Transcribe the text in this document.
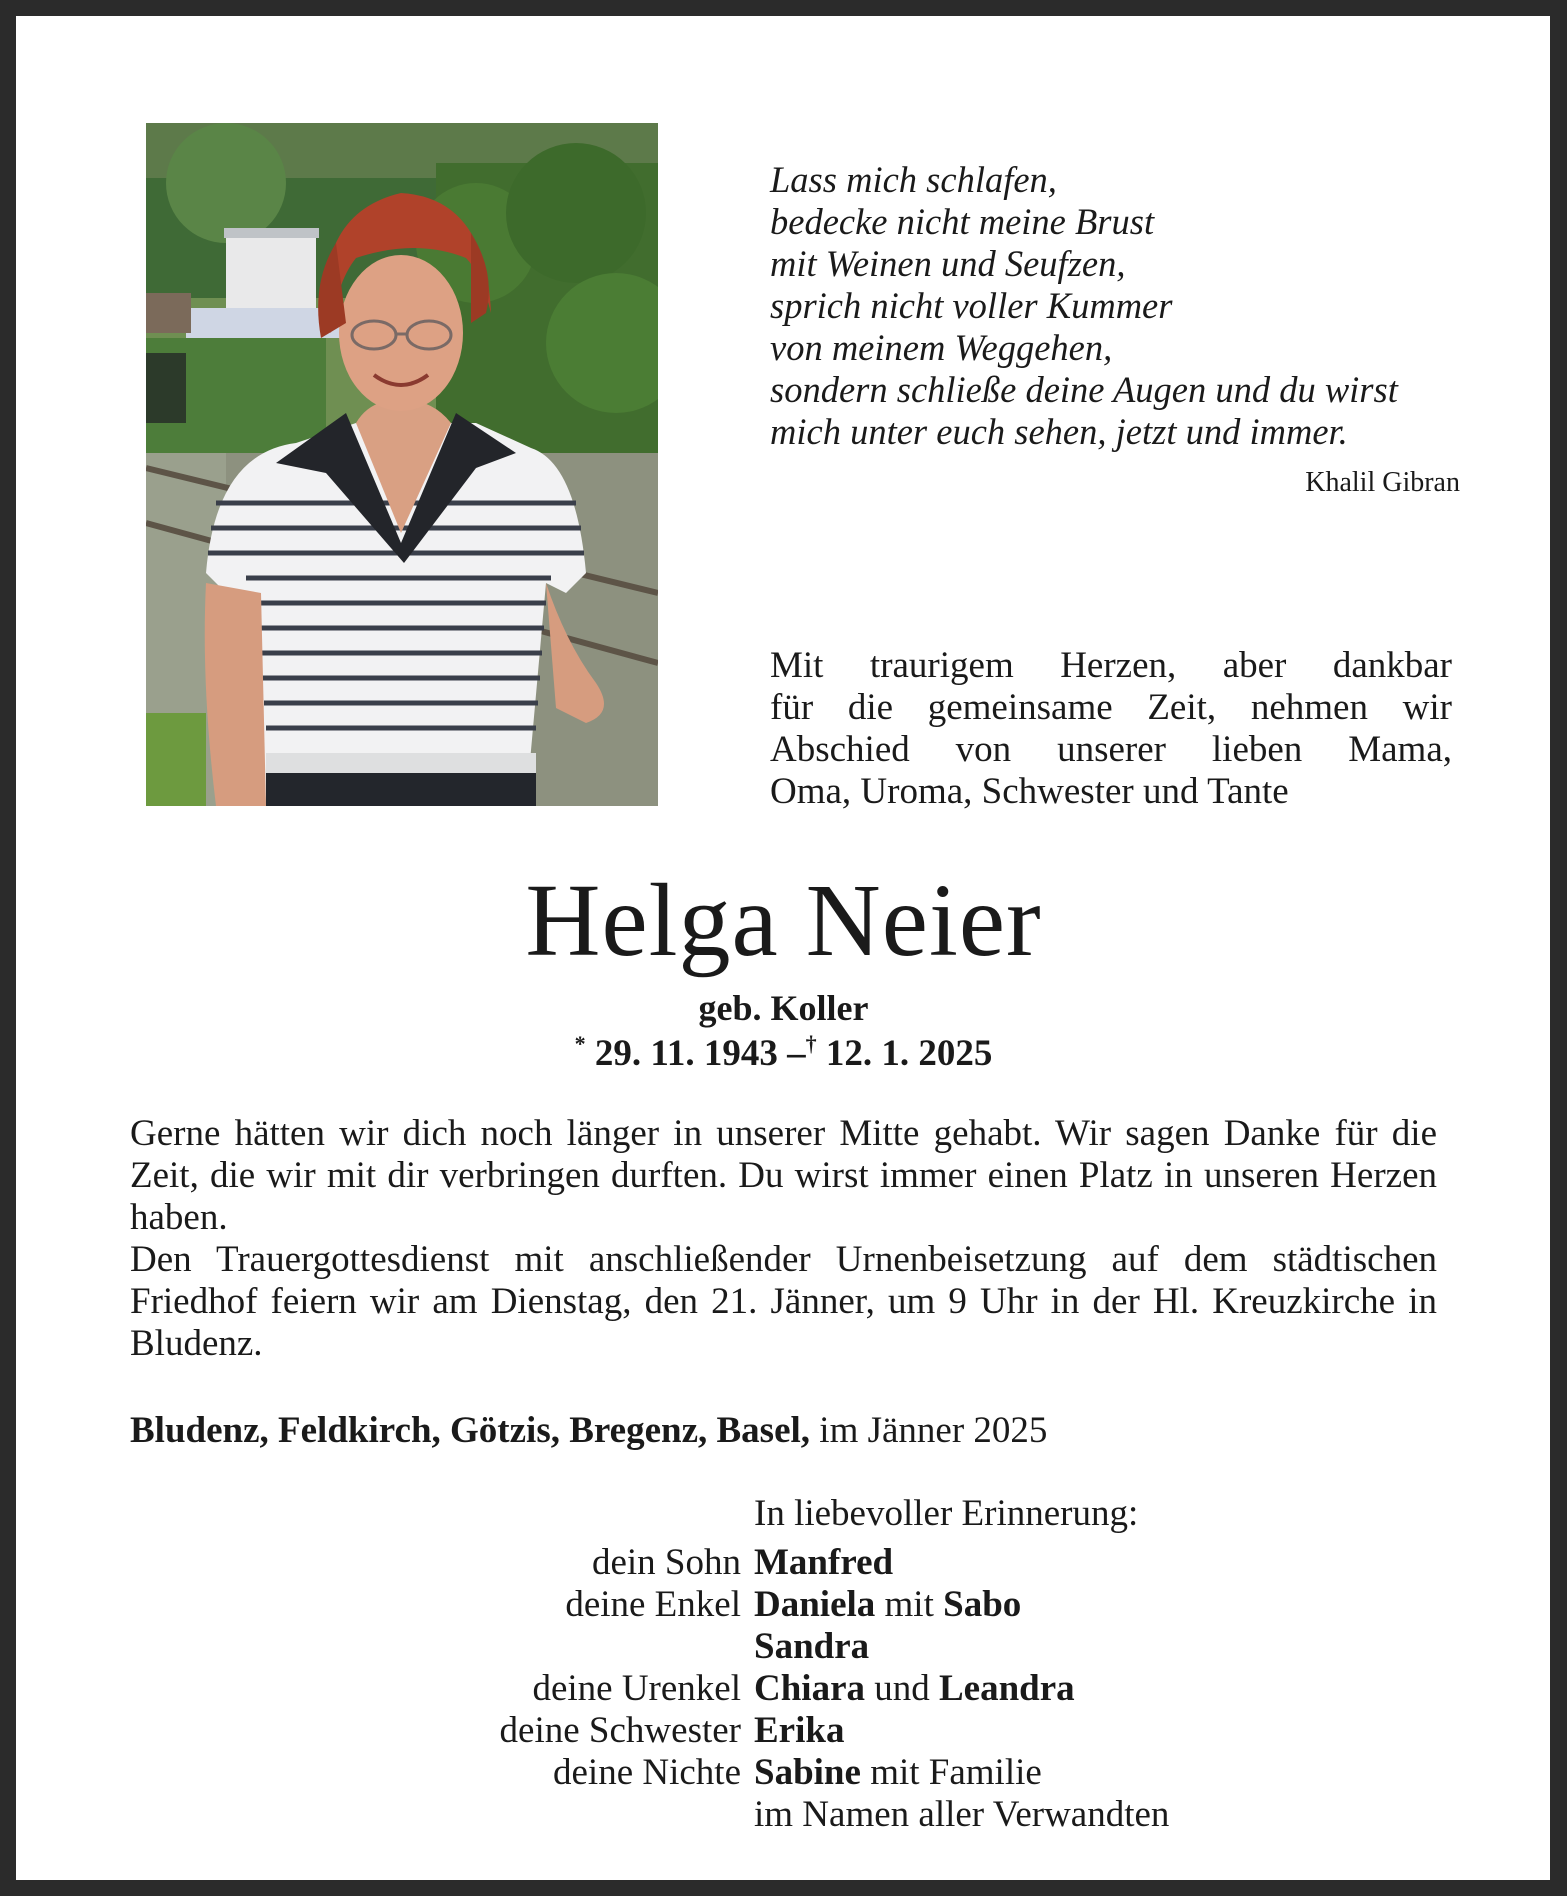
Lass mich schlafen,
bedecke nicht meine Brust
mit Weinen und Seufzen,
sprich nicht voller Kummer
von meinem Weggehen,
sondern schließe deine Augen und du wirst
mich unter euch sehen, jetzt und immer.
Khalil Gibran
Mit traurigem Herzen, aber dankbar
für die gemeinsame Zeit, nehmen wir
Abschied von unserer lieben Mama,
Oma, Uroma, Schwester und Tante
Helga Neier
geb. Koller
* 29. 11. 1943 –† 12. 1. 2025
Gerne hätten wir dich noch länger in unserer Mitte gehabt. Wir sagen Danke für die Zeit, die wir mit dir verbringen durften. Du wirst immer einen Platz in unseren Herzen haben.
Den Trauergottesdienst mit anschließender Urnenbeisetzung auf dem städtischen Friedhof feiern wir am Dienstag, den 21. Jänner, um 9 Uhr in der Hl. Kreuzkirche in Bludenz.
Bludenz, Feldkirch, Götzis, Bregenz, Basel, im Jänner 2025
In liebevoller Erinnerung:
dein Sohn Manfred
deine Enkel Daniela mit Sabo
Sandra
deine Urenkel Chiara und Leandra
deine Schwester Erika
deine Nichte Sabine mit Familie
im Namen aller Verwandten
